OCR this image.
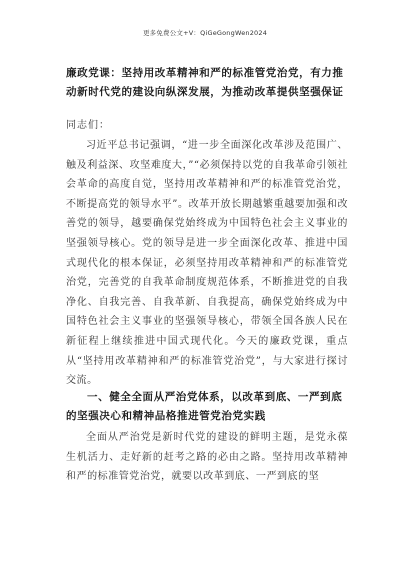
更多免费公文+V：QiGeGongWen2024
廉政党课：坚持用改革精神和严的标准管党治党，有力推动新时代党的建设向纵深发展，为推动改革提供坚强保证
同志们：

习近平总书记强调，“进一步全面深化改革涉及范围广、触及利益深、攻坚难度大，”“必须保持以党的自我革命引领社会革命的高度自觉，坚持用改革精神和严的标准管党治党，不断提高党的领导水平”。改革开放长期越繁重越要加强和改善党的领导，越要确保党始终成为中国特色社会主义事业的坚强领导核心。党的领导是进一步全面深化改革、推进中国式现代化的根本保证，必须坚持用改革精神和严的标准管党治党，完善党的自我革命制度规范体系，不断推进党的自我净化、自我完善、自我革新、自我提高，确保党始终成为中国特色社会主义事业的坚强领导核心，带领全国各族人民在新征程上继续推进中国式现代化。今天的廉政党课，重点从“坚持用改革精神和严的标准管党治党”，与大家进行探讨交流。

一、健全全面从严治党体系，以改革到底、一严到底的坚强决心和精神品格推进管党治党实践

全面从严治党是新时代党的建设的鲜明主题，是党永葆生机活力、走好新的赶考之路的必由之路。坚持用改革精神和严的标准管党治党，就要以改革到底、一严到底的坚
